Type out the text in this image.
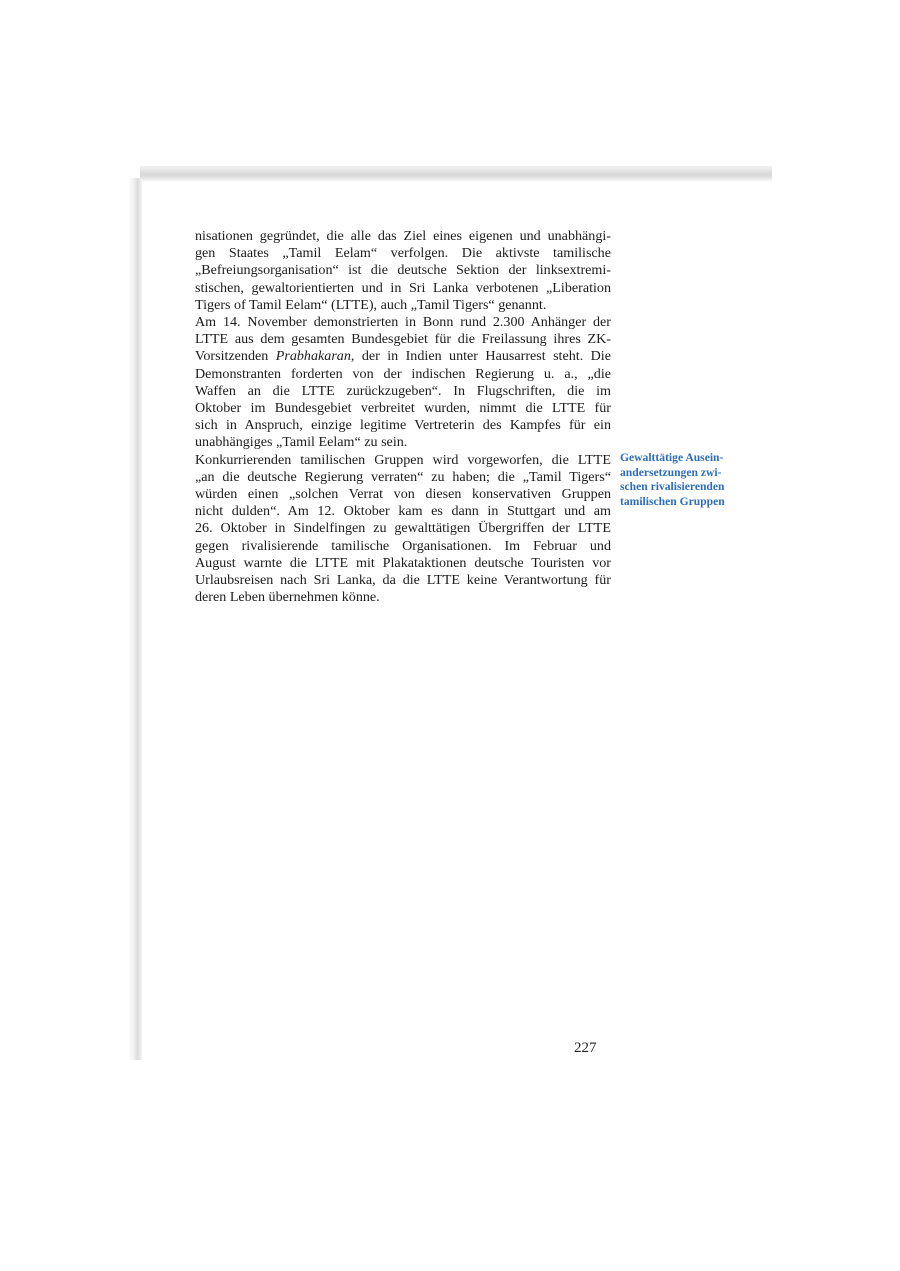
nisationen gegründet, die alle das Ziel eines eigenen und unabhängi-
gen Staates „Tamil Eelam“ verfolgen. Die aktivste tamilische
„Befreiungsorganisation“ ist die deutsche Sektion der linksextremi-
stischen, gewaltorientierten und in Sri Lanka verbotenen „Liberation
Tigers of Tamil Eelam“ (LTTE), auch „Tamil Tigers“ genannt.

Am 14. November demonstrierten in Bonn rund 2.300 Anhänger der
LTTE aus dem gesamten Bundesgebiet für die Freilassung ihres ZK-
Vorsitzenden Prabhakaran, der in Indien unter Hausarrest steht. Die
Demonstranten forderten von der indischen Regierung u. a., „die
Waffen an die LTTE zurückzugeben“. In Flugschriften, die im
Oktober im Bundesgebiet verbreitet wurden, nimmt die LTTE für
sich in Anspruch, einzige legitime Vertreterin des Kampfes für ein
unabhängiges „Tamil Eelam“ zu sein.

Konkurrierenden tamilischen Gruppen wird vorgeworfen, die LTTE
„an die deutsche Regierung verraten“ zu haben; die „Tamil Tigers“
würden einen „solchen Verrat von diesen konservativen Gruppen
nicht dulden“. Am 12. Oktober kam es dann in Stuttgart und am
26. Oktober in Sindelfingen zu gewalttätigen Übergriffen der LTTE
gegen rivalisierende tamilische Organisationen. Im Februar und
August warnte die LTTE mit Plakataktionen deutsche Touristen vor
Urlaubsreisen nach Sri Lanka, da die LTTE keine Verantwortung für
deren Leben übernehmen könne.

Gewalttätige Ausein-
andersetzungen zwi-
schen rivalisierenden
tamilischen Gruppen
227
